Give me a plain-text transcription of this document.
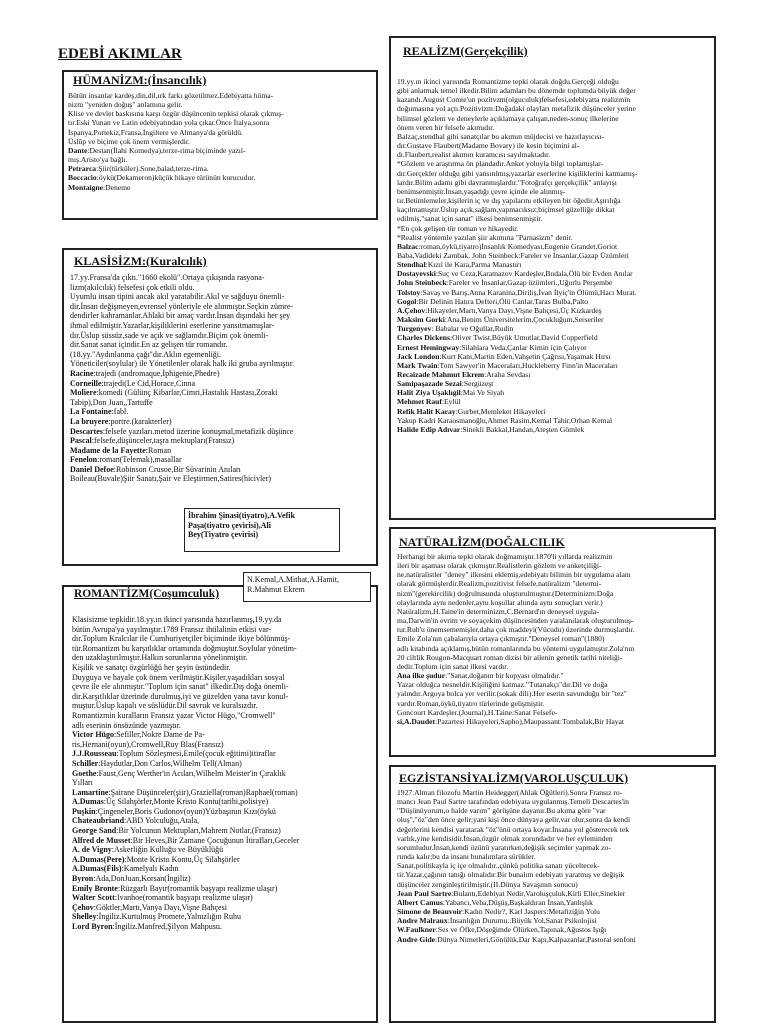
EDEBİ AKIMLAR
HÜMANİZM:(İnsancılık)
Bütün insanlar kardeş,din,dil,ırk farkı gözetilmez.Edebiyatta hüma-
nizm "yeniden doğuş" anlamına gelir.
Klise ve devlet baskısına karşı özgür düşüncenin tepkisi olarak çıkmış-
tır.Eski Yunan ve Latin edebiyatından yola çıkar.Önce İtalya,sonra
İspanya,Portekiz,Fransa,İngiltere ve Almanya'da görüldü.
Üslûp ve biçime çok önem vermişlerdir.
Dante:Destan(İlahi Komedya),terze-rima biçiminde yazıl-
mış.Aristo'ya bağlı.
Petrarca:Şiir(türküler).Sone,balad,terze-rima.
Boccacio:öykü(Dekameron)küçük hikaye türünün kurucudur.
Montaigne:Deneme
KLASİSİZM:(Kuralcılık)
17.yy.Fransa'da çıktı."1660 ekolü".Ortaya çıkışında rasyona-
lizm(akılcılık) felsefesi çok etkili oldu.
Uyumlu insan tipini ancak akıl yaratabilir.Akıl ve sağduyu önemli-
dir.İnsan değişmeyen,evrensel yönleriyle ele alınmıştır.Seçkin zümre-
dendirler kahramanlar.Ahlaki bir amaç vardır.İnsan dışındaki her şey
ihmal edilmiştir.Yazarlar,kişiliklerini eserlerine yansıtmamışlar-
dır.Üslup süssüz,sade ve açık ve sağlamdır.Biçim çok önemli-
dir.Sanat sanat içindir.En az gelişen tür romandır.
(18.yy."Aydınlanma çağı"dır.Aklın egemenliği.
Yöneticiler(soylular) ile Yönetilenler olarak halk iki gruba ayrılmıştır.
Racine:trajedi (andromaque,İphigenie,Phedre)
Corneille:trajedi(Le Cid,Horace,Cinna
Moliere:komedi (Gülünç Kibarlar,Cimri,Hastalık Hastası,Zoraki
Tabip),Don Juan,,Tartuffe
La Fontaine:fabl.
La bruyere:portre.(karakterler)
Descartes:felsefe yazıları.metod üzerine konuşmal,metafizik düşünce
Pascal:felsefe,düşünceler,taşra mektupları(Fransız)
Madame de la Fayette:Roman
Fenelon:roman(Telemak),masallar
Daniel Defoe:Robinson Crusoe,Bir Süvarinin Anıları
Boileau(Buvale)Şiir Sanatı,Şair ve Eleştirmen,Satires(hicivler)
İbrahim Şinasi(tiyatro),A.Vefik
Paşa(tiyatro çevirisi),Ali
Bey(Tiyatro çevirisi)
Klasisizme tepkidir.18.yy.ın ikinci yarısında hazırlanmış,19.yy.da
bütün Avrupa'ya yayılmıştır.1789 Fransız ihtilalinin etkisi var-
dır.Toplum Kralcılar ile Cumhuriyetçiler biçiminde ikiye bölünmüş-
tür.Romantizm bu karşıtlıklar ortamında doğmuştur.Soylular yönetim-
den uzaklaştırılmıştır.Halkın sorunlarına yönelinmiştir.
Kişilik ve sanatçı özgürlüğü her şeyin üstündedir.
Duyguya ve hayale çok önem verilmiştir.Kişiler,yaşadıkları sosyal
çevre ile ele alınmıştır."Toplum için sanat" ilkedir.Dış doğa önemli-
dir.Karşıtlıklar üzerinde durulmuş,iyi ve güzelden yana tavır konul-
muştur.Üslup kapalı ve süslüdür.Dil savruk ve kuralsızdır.
Romantizmin kuralların Fransız yazar Victor Hügo,"Cromwell"
adlı eserinin önsözünde yazmıştır.
Victor Hügo:Sefiller,Nokre Dame de Pa-
ris,Hernani(oyun),Cromwell,Ruy Blas(Fransız)
J.J.Rousseau:Toplum Sözleşmesi,Emile(çocuk eğitimi)itiraflar
Schiller:Haydutlar,Don Carlos,Wilhelm Tell(Alman)
Goethe:Faust,Genç Werther'in Acıları,Wilhelm Meister'in Çıraklık
Yılları
Lamartine:Şairane Düşünceler(şiir),Graziella(roman)Raphael(roman)
A.Dumas:Üç Silahşörler,Monte Kristo Kontu(tarihi,polisiye)
Puşkin:Çingeneler,Boris Gudonov(oyun)Yüzbaşının Kızı(öykü
Chateaubriand:ABD Yolculuğu,Atala,
George Sand:Bir Yolcunun Mektupları,Mahrem Notlar,(Fransız)
Alfred de Musset:Bir Heves,Bir Zamane Çocuğunun İtirafları,Geceler
A. de Vigny:Askerliğin Kulluğu ve Büyüklüğü
A.Dumas(Pere):Monte Kristo Kontu,Üç Silahşörler
A.Dumas(Fils):Kamelyalı Kadın
Byron:Ada,DonJuan,Korsan(İngiliz)
Emily Bronte:Rüzgarlı Bayır(romantik başyapı realizme ulaşır)
Walter Scott:Ivanhoe(romantik başyapı realizme ulaşır)
Çehov:Göktler,Martı,Vanya Dayı,Vişne Bahçesi
Shelley:İngiliz.Kurtulmuş Promete,Yalnızlığın Ruhu
Lord Byron:İngiliz.Manfred,Şilyon Mahpusu.
ROMANTİZM(Coşumculuk)
N.Kemal,A.Mithat,A.Hamit,
R.Mahmut Ekrem
REALİZM(Gerçekçilik)
19.yy.ın ikinci yarısında Romantizme tepki olarak doğdu.Gerçeği olduğu
gibi anlatmak temel ilkedir.Bilim adamları bu dönemde toplumda büyük değer
kazandı.August Comte'un pozitvzm(olguculuk)felsefesi,edebiyatta realizmin
doğumasına yol açtı.Pozitivizm:Doğadaki olayları metafizik düşünceler yerine
bilimsel gözlem ve deneylerle açıklamaya çalışan,neden-sonuç ilkelerine
önem veren bir felsefe akımıdır.
Balzaç,stendhal gibi sanatçılar bu akımın müjdecisi ve hazırlayıcısı-
dır.Gustave Flaubert(Madame Bovary) ile kesin biçimini al-
dı.Flaubert,realist akımın kuramcısı sayılmaktadır.
*Gözlem ve araştırma ön plandadır.Anket yoluyla bilgi toplamışlar-
dır.Gerçekler olduğu gibi yansıtılmış,yazarlar eserlerine kişiliklerini katmamış-
lardır.Bilim adamı gibi davranmışlardır."Fotoğrafçı gerçekçilik" anlayışı
benimsenmiştir.İnsan,yaşadığı çevre içinde ele alınmış-
tır.Betimlemeler,kişilerin iç ve dış yapılarını etkileyen bir öğedir.Aşırılığa
kaçılmamıştır.Üslup açık,sağlam,yapmacıksız;biçimsel güzelliğe dikkat
edilmiş,"sanat için sanat" ilkesi benimsenmiştir.
*En çok gelişen tür roman ve hikayedir.
*Realist yöntemle yazılan şiir akımına "Parnasizm" denir.
Balzac:roman,öykü,tiyatro)İnsanlık Komedyası,Eugenie Grandet,Goriot
Baba,Vadideki Zambak. John Steinbeck:Fareler ve İnsanlar,Gazap Üzümleri
Stendhal:Kızıl ile Kara,Parma Manastırı
Dostayevski:Suç ve Ceza,Karamazov Kardeşler,Budala,Ölü bir Evden Anılar
John Steinbeck:Fareler ve İnsanlar,Gazap üzümleri.,Uğurlu Perşembe
Tolstoy:Savaş ve Barış,Anna Karanina,Diriliş,İvan İlyiç'in Ölümü,Hacı Murat.
Gogol:Bir Delinin Hatıra Defteri,Ölü Canlar,Taras Bulba,Palto
A.Çehov:Hikayeler,Martı,Vanya Dayı,Vişne Bahçesi,Üç Kızkardeş
Maksim Gorki:Ana,Benim Üniversitelerim,Çocukluğum,Serseriler
Turgenyev: Babalar ve Oğullar,Rudin
Charles Dickens:Oliver Twist,Büyük Umutlar,David Copperfield
Ernest Hemingway:Silahlara Veda,Çanlar Kimin için Çalıyor
Jack London:Kurt Kanı,Martin Eden,Vahşetin Çağrısı,Yaşamak Hırsı
Mark Twain:Tom Sawyer'in Maceraları,Huckleberry Finn'in Maceraları
Recaizade Mahmut Ekrem:Araba Sevdası
Samipaşazade Sezai:Sergüzeşt
Halit Ziya Uşaklıgil:Mai Ve Siyah
Mehmet Rauf:Eylül
Refik Halit Karay:Gurbet,Memleket Hikayeleri
Yakup Kadri Karaosmanoğlu,Ahmet Rasim,Kemal Tahir,Orhan Kemal
Halide Edip Adıvar:Sinekli Bakkal,Handan,Ateşten Gömlek
NATÜRALİZM(DOĞALCILIK
Herhangi bir akıma tepki olarak doğmamıştır.1870'li yıllarda realizmin
ileri bir aşaması olarak çıkmıştır.Realistlerin gözlem ve anketçiliği-
ne,natüralistler "deney" ilkesini eklemiş,edebiyatı bilimin bir uygulama alanı
olarak görmüşlerdir.Realizm,pozitivist felsefe,natüralizm "determi-
nizm"(gerekircilik) doğrultusunda oluşturulmuştur.(Determinizm:Doğa
olaylarında aynı nedenler,aynı koşullar altında aynı sonuçları verir.)
Natüralizm,H.Taine'in determinizm,C.Bernard'ın deneysel uygula-
ma,Darwin'in evrim ve soyaçekim düşüncesinden yaralanılarak oluşturulmuş-
tur.Ruh'u önemsememişler,daha çok maddeyi(Vücudu) üzerinde durmuşlardır.
Emile Zola'nın çabalarıyla ortaya çıkmıştır."Deneysel roman"(1880)
adlı kitabında açıklamış,bütün romanlarında bu yöntemi uygulamıştır.Zola'nın
20 ciltlik Rougon-Macquart roman dizisi bir ailenin genetik tarihi niteliği-
dedir.Toplum için sanat ilkesi vardır.
Ana ilke şudur:"Sanat,doğanın bir kopyası olmalıdır."
Yazar olduğca nesneldir.Kişiliğini katmaz."Tutanakçı"dır.Dil ve doğa
yalındır.Argoya bolca yer verilir.(sokak dili).Her eserin savunduğu bir "tez"
vardır.Roman,öykü,tiyatro türlerinde gelişmiştir.
Goncourt Kardeşler.(Journal),H.Taine:Sanat Felsefe-
si,A.Daudet:Pazartesi Hikayeleri,Sapho),Maupassant:Tombalak,Bir Hayat
EGZİSTANSİYALİZM(VAROLUŞÇULUK)
1927.Alman filozofu Martin Heidegger(Ahlak Öğütleri).Sonra Fransız ro-
mancı Jean Paul Sartre tarafından edebiyata uygulanmış.Temeli Descartes'in
"Düşünüyorum,o halde varım" görüşüne dayanır.Bu akıma göre "var
oluş","öz"den önce gelir;yani kişi önce dünyaya gelir,var olur,sonra da kendi
değerlerini kendisi yaratarak "öz"ünü ortaya koyar.İnsana yol gösterecek tek
varlık,yine kendisidir.İnsan,özgür olmak zorundadır ve her eyleminden
sorumludur.İnsan,kendi özünü yaratırken,değişik seçimler yapmak zo-
runda kalır;bu da insanı bunalımlara sürükler.
Sanat,politikayla iç içe olmalıdır.,çünkü politika sanatı yüceltecek-
tir.Yazar,çağının tanığı olmalıdır.Bir bunalım edebiyatı yaratmış ve değişik
düşünceler zenginleştirilmiştir.(II.Dünya Savaşının sonucu)
Jean Paul Sartre:Bulantı,Edebiyat Nedir,Varoluşçuluk,Kirli Eller,Sinekler
Albert Camus:Yabancı,Veba,Düşüş,Başkaldıran İnsan,Yanlışlık
Simone de Beauvoir:Kadın Nedir?, Karl Jaspers:Metafiziğin Yolu
Andre Malraux:İnsanlığın Durumu.:Büyük Yol,Sanat Psikolojisi
W.Faulkner:Ses ve Öfke,Döşeğimde Ölürken,Tapınak,Ağustos Işığı
Andre Gide:Dünya Nimetleri,Gönülük,Dar Kapı,Kalpazanlar,Pastoral senfoni
